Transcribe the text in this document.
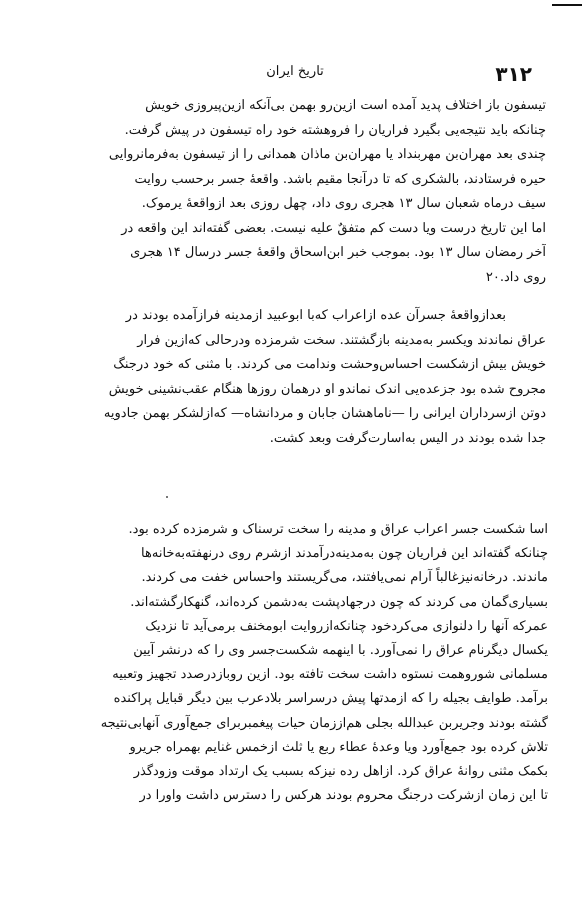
۳۱۲
تاریخ ایران
تیسفون باز اختلاف پدید آمده است ازین‌رو بهمن بی‌آنکه ازین‌پیروزی خویش
چنانکه باید نتیجه‌یی بگیرد فراریان را فروهشته خود راه تیسفون در پیش گرفت.
چندی بعد مهران‌بن مهربنداد یا مهران‌بن ماذان همدانی را از تیسفون به‌فرمانروایی
حیره فرستادند، بالشکری که تا درآنجا مقیم باشد. واقعهٔ جسر برحسب روایت
سیف درماه شعبان سال ۱۳ هجری روی داد، چهل روزی بعد ازواقعهٔ یرموک.
اما این تاریخ درست ویا دست کم متفقٌ علیه نیست. بعضی گفته‌اند این واقعه در
آخر رمضان سال ۱۳ بود. بموجب خبر ابن‌اسحاق واقعهٔ جسر درسال ۱۴ هجری
روی داد.۲۰
بعدازواقعهٔ جسرآن عده ازاعراب که‌با ابوعبید ازمدینه فرازآمده بودند در
عراق نماندند ویکسر به‌مدینه بازگشتند. سخت شرمزده ودرحالی که‌ازین فرار
خویش بیش ازشکست احساس‌وحشت وندامت می کردند. با مثنی که خود درجنگ
مجروح شده بود جزعده‌یی اندک نماندو او درهمان روزها هنگام عقب‌نشینی خویش
دوتن ازسرداران ایرانی را —ناماهشان جابان و مردانشاه— که‌ازلشکر بهمن جادویه
جدا شده بودند در الیس به‌اسارت‌گرفت وبعد کشت.
اسا شکست جسر اعراب عراق و مدینه را سخت ترسناک و شرمزده کرده بود.
چنانکه گفته‌اند این فراریان چون به‌مدینه‌درآمدند ازشرم روی درنهفته‌به‌خانه‌ها
ماندند. درخانه‌نیزغالباً آرام نمی‌یافتند، می‌گریستند واحساس خفت می کردند.
بسیاری‌گمان می کردند که چون درجهادپشت به‌دشمن کرده‌اند، گنهکارگشته‌اند.
عمرکه آنها را دلنوازی می‌کردخود چنانکه‌ازروایت ابومخنف برمی‌آید تا نزدیک
یکسال دیگرنام عراق را نمی‌آورد. با اینهمه شکست‌جسر وی را که درنشر آیین
مسلمانی شوروهمت نستوه داشت سخت تافته بود. ازین روبازدرصدد تجهیز وتعبیه
برآمد. طوایف بجیله را که ازمدتها پیش درسراسر بلادعرب بین دیگر قبایل پراکنده
گشته بودند وجریربن عبدالله بجلی هم‌اززمان حیات پیغمبربرای جمع‌آوری آنهابی‌نتیجه
تلاش کرده بود جمع‌آورد ویا وعدهٔ عطاء ربع یا ثلث ازخمس غنایم بهمراه جریرو
بکمک مثنی روانهٔ عراق کرد. ازاهل رده نیزکه بسبب یک ارتداد موقت وزودگذر
تا این زمان ازشرکت درجنگ محروم بودند هرکس را دسترس داشت واورا در
